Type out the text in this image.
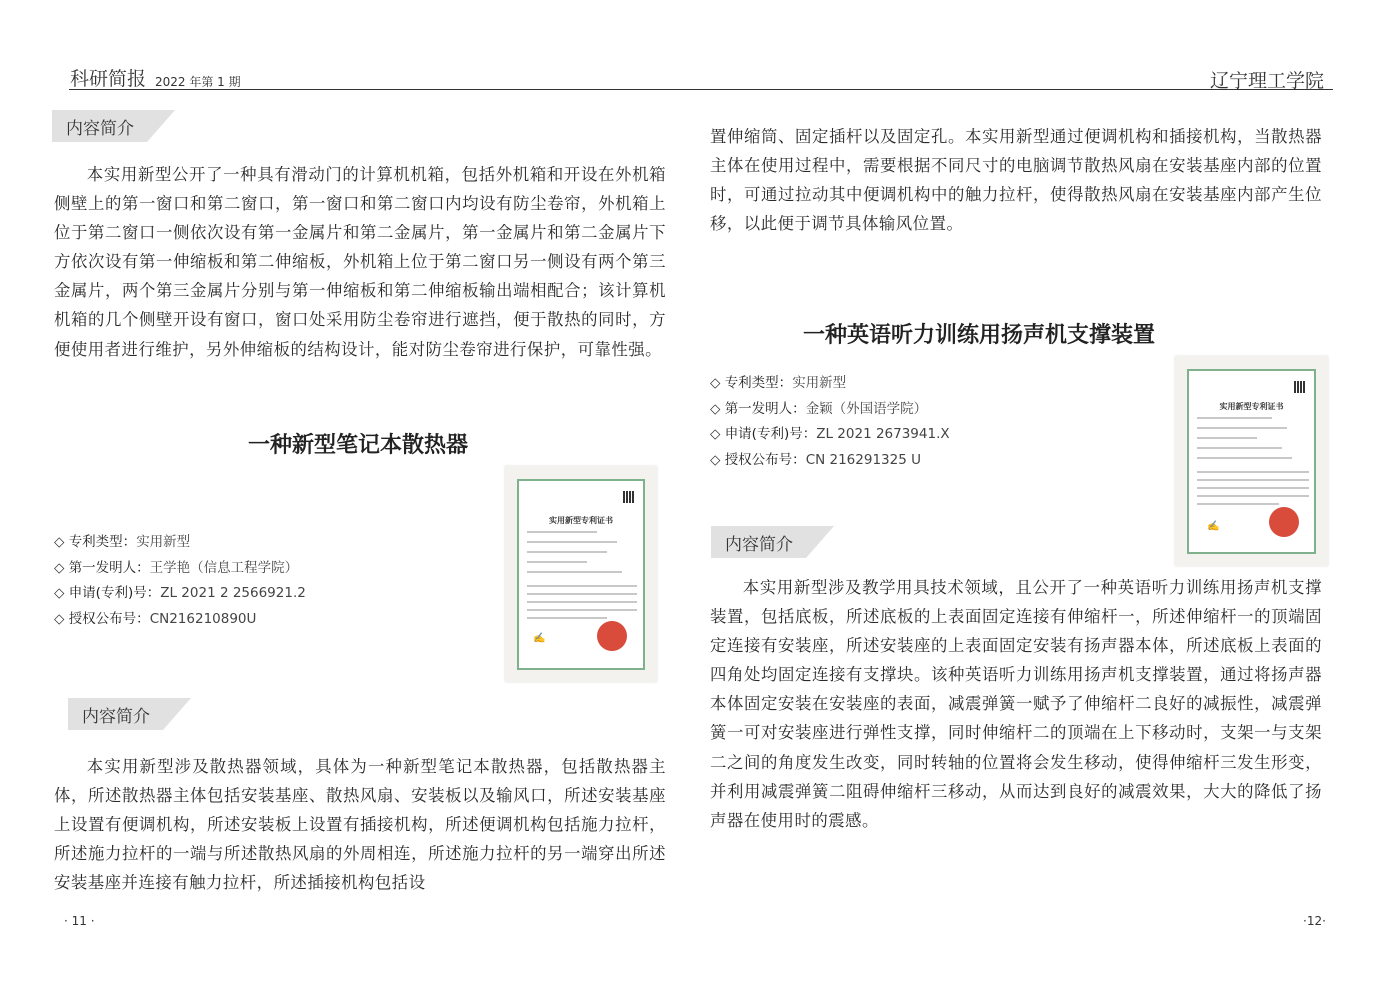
科研简报 2022 年第 1 期	辽宁理工学院
内容简介

本实用新型公开了一种具有滑动门的计算机机箱，包括外机箱和开设在外机箱侧壁上的第一窗口和第二窗口，第一窗口和第二窗口内均设有防尘卷帘，外机箱上位于第二窗口一侧依次设有第一金属片和第二金属片，第一金属片和第二金属片下方依次设有第一伸缩板和第二伸缩板，外机箱上位于第二窗口另一侧设有两个第三金属片，两个第三金属片分别与第一伸缩板和第二伸缩板输出端相配合；该计算机机箱的几个侧壁开设有窗口，窗口处采用防尘卷帘进行遮挡，便于散热的同时，方便使用者进行维护，另外伸缩板的结构设计，能对防尘卷帘进行保护，可靠性强。

一种新型笔记本散热器
◇ 专利类型：实用新型
◇ 第一发明人：王学艳（信息工程学院）
◇ 申请(专利)号：ZL 2021 2 2566921.2
◇ 授权公布号：CN216210890U
实用新型专利证书
✍
内容简介

本实用新型涉及散热器领域，具体为一种新型笔记本散热器，包括散热器主体，所述散热器主体包括安装基座、散热风扇、安装板以及输风口，所述安装基座上设置有便调机构，所述安装板上设置有插接机构，所述便调机构包括施力拉杆，所述施力拉杆的一端与所述散热风扇的外周相连，所述施力拉杆的另一端穿出所述安装基座并连接有触力拉杆，所述插接机构包括设

· 11 ·

置伸缩筒、固定插杆以及固定孔。本实用新型通过便调机构和插接机构，当散热器主体在使用过程中，需要根据不同尺寸的电脑调节散热风扇在安装基座内部的位置时，可通过拉动其中便调机构中的触力拉杆，使得散热风扇在安装基座内部产生位移，以此便于调节具体输风位置。

一种英语听力训练用扬声机支撑装置
◇ 专利类型：实用新型
◇ 第一发明人：金颖（外国语学院）
◇ 申请(专利)号：ZL 2021 2673941.X
◇ 授权公布号：CN 216291325 U
实用新型专利证书
✍
内容简介

本实用新型涉及教学用具技术领域，且公开了一种英语听力训练用扬声机支撑装置，包括底板，所述底板的上表面固定连接有伸缩杆一，所述伸缩杆一的顶端固定连接有安装座，所述安装座的上表面固定安装有扬声器本体，所述底板上表面的四角处均固定连接有支撑块。该种英语听力训练用扬声机支撑装置，通过将扬声器本体固定安装在安装座的表面，减震弹簧一赋予了伸缩杆二良好的减振性，减震弹簧一可对安装座进行弹性支撑，同时伸缩杆二的顶端在上下移动时，支架一与支架二之间的角度发生改变，同时转轴的位置将会发生移动，使得伸缩杆三发生形变，并利用减震弹簧二阻碍伸缩杆三移动，从而达到良好的减震效果，大大的降低了扬声器在使用时的震感。

·12·
